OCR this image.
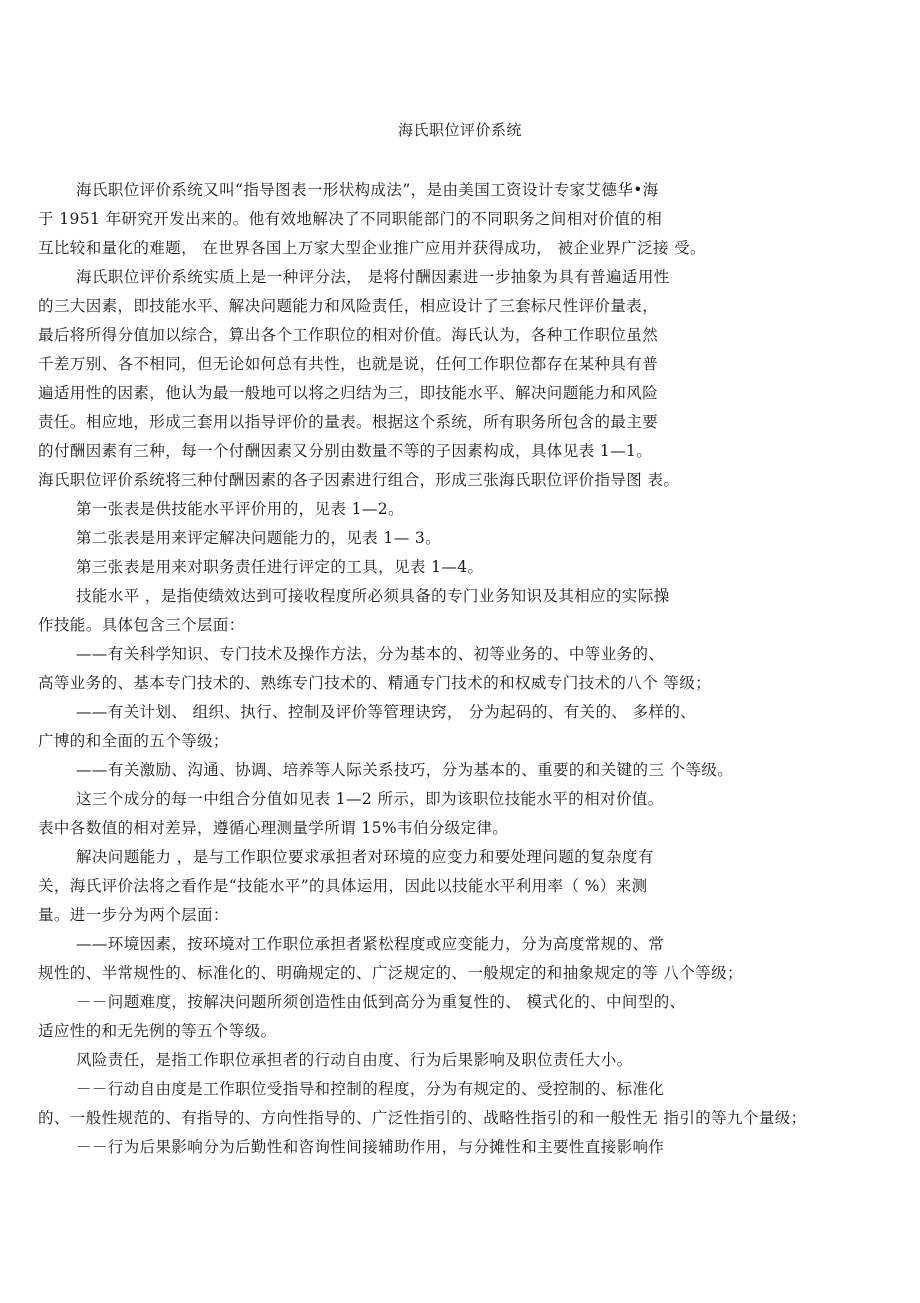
海氏职位评价系统
海氏职位评价系统又叫“指导图表一形状构成法”，是由美国工资设计专家艾德华•海
于 1951 年研究开发出来的。他有效地解决了不同职能部门的不同职务之间相对价值的相
互比较和量化的难题， 在世界各国上万家大型企业推广应用并获得成功， 被企业界广泛接 受。
海氏职位评价系统实质上是一种评分法， 是将付酬因素进一步抽象为具有普遍适用性
的三大因素，即技能水平、解决问题能力和风险责任，相应设计了三套标尺性评价量表，
最后将所得分值加以综合，算出各个工作职位的相对价值。海氏认为，各种工作职位虽然
千差万别、各不相同，但无论如何总有共性，也就是说，任何工作职位都存在某种具有普
遍适用性的因素，他认为最一般地可以将之归结为三，即技能水平、解决问题能力和风险
责任。相应地，形成三套用以指导评价的量表。根据这个系统，所有职务所包含的最主要
的付酬因素有三种，每一个付酬因素又分别由数量不等的子因素构成，具体见表 1—1。
海氏职位评价系统将三种付酬因素的各子因素进行组合，形成三张海氏职位评价指导图 表。
第一张表是供技能水平评价用的，见表 1—2。
第二张表是用来评定解决问题能力的，见表 1— 3。
第三张表是用来对职务责任进行评定的工具，见表 1—4。
技能水平 ，是指使绩效达到可接收程度所必须具备的专门业务知识及其相应的实际操
作技能。具体包含三个层面：
——有关科学知识、专门技术及操作方法，分为基本的、初等业务的、中等业务的、
高等业务的、基本专门技术的、熟练专门技术的、精通专门技术的和权威专门技术的八个 等级；
——有关计划、 组织、执行、控制及评价等管理诀窍， 分为起码的、有关的、 多样的、
广博的和全面的五个等级；
——有关激励、沟通、协调、培养等人际关系技巧，分为基本的、重要的和关键的三 个等级。
这三个成分的每一中组合分值如见表 1—2 所示，即为该职位技能水平的相对价值。
表中各数值的相对差异，遵循心理测量学所谓 15%韦伯分级定律。
解决问题能力 ，是与工作职位要求承担者对环境的应变力和要处理问题的复杂度有
关，海氏评价法将之看作是“技能水平”的具体运用，因此以技能水平利用率（ %）来测
量。进一步分为两个层面：
——环境因素，按环境对工作职位承担者紧松程度或应变能力，分为高度常规的、常
规性的、半常规性的、标准化的、明确规定的、广泛规定的、一般规定的和抽象规定的等 八个等级；
－－问题难度，按解决问题所须创造性由低到高分为重复性的、 模式化的、中间型的、
适应性的和无先例的等五个等级。
风险责任，是指工作职位承担者的行动自由度、行为后果影响及职位责任大小。
－－行动自由度是工作职位受指导和控制的程度，分为有规定的、受控制的、标准化
的、一般性规范的、有指导的、方向性指导的、广泛性指引的、战略性指引的和一般性无 指引的等九个量级；
－－行为后果影响分为后勤性和咨询性间接辅助作用，与分摊性和主要性直接影响作
